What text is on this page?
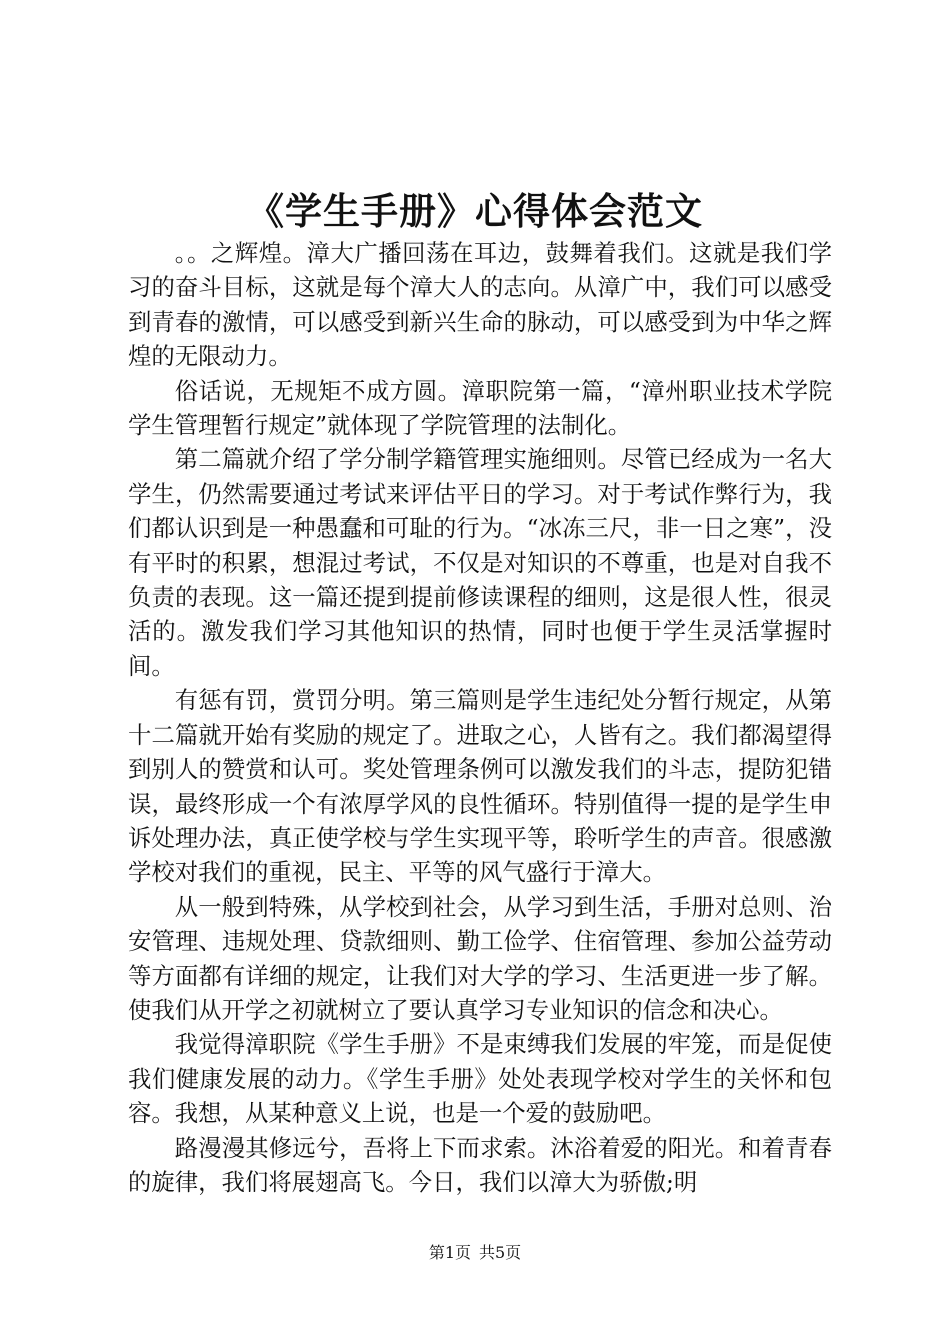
《学生手册》心得体会范文

。。之辉煌。漳大广播回荡在耳边，鼓舞着我们。这就是我们学习的奋斗目标，这就是每个漳大人的志向。从漳广中，我们可以感受到青春的激情，可以感受到新兴生命的脉动，可以感受到为中华之辉煌的无限动力。

俗话说，无规矩不成方圆。漳职院第一篇，“漳州职业技术学院学生管理暂行规定”就体现了学院管理的法制化。

第二篇就介绍了学分制学籍管理实施细则。尽管已经成为一名大学生，仍然需要通过考试来评估平日的学习。对于考试作弊行为，我们都认识到是一种愚蠢和可耻的行为。“冰冻三尺，非一日之寒”，没有平时的积累，想混过考试，不仅是对知识的不尊重，也是对自我不负责的表现。这一篇还提到提前修读课程的细则，这是很人性，很灵活的。激发我们学习其他知识的热情，同时也便于学生灵活掌握时间。

有惩有罚，赏罚分明。第三篇则是学生违纪处分暂行规定，从第十二篇就开始有奖励的规定了。进取之心，人皆有之。我们都渴望得到别人的赞赏和认可。奖处管理条例可以激发我们的斗志，提防犯错误，最终形成一个有浓厚学风的良性循环。特别值得一提的是学生申诉处理办法，真正使学校与学生实现平等，聆听学生的声音。很感激学校对我们的重视，民主、平等的风气盛行于漳大。

从一般到特殊，从学校到社会，从学习到生活，手册对总则、治安管理、违规处理、贷款细则、勤工俭学、住宿管理、参加公益劳动等方面都有详细的规定，让我们对大学的学习、生活更进一步了解。使我们从开学之初就树立了要认真学习专业知识的信念和决心。

我觉得漳职院《学生手册》不是束缚我们发展的牢笼，而是促使我们健康发展的动力。《学生手册》处处表现学校对学生的关怀和包容。我想，从某种意义上说，也是一个爱的鼓励吧。

路漫漫其修远兮，吾将上下而求索。沐浴着爱的阳光。和着青春的旋律，我们将展翅高飞。今日，我们以漳大为骄傲;明

第1页 共5页
